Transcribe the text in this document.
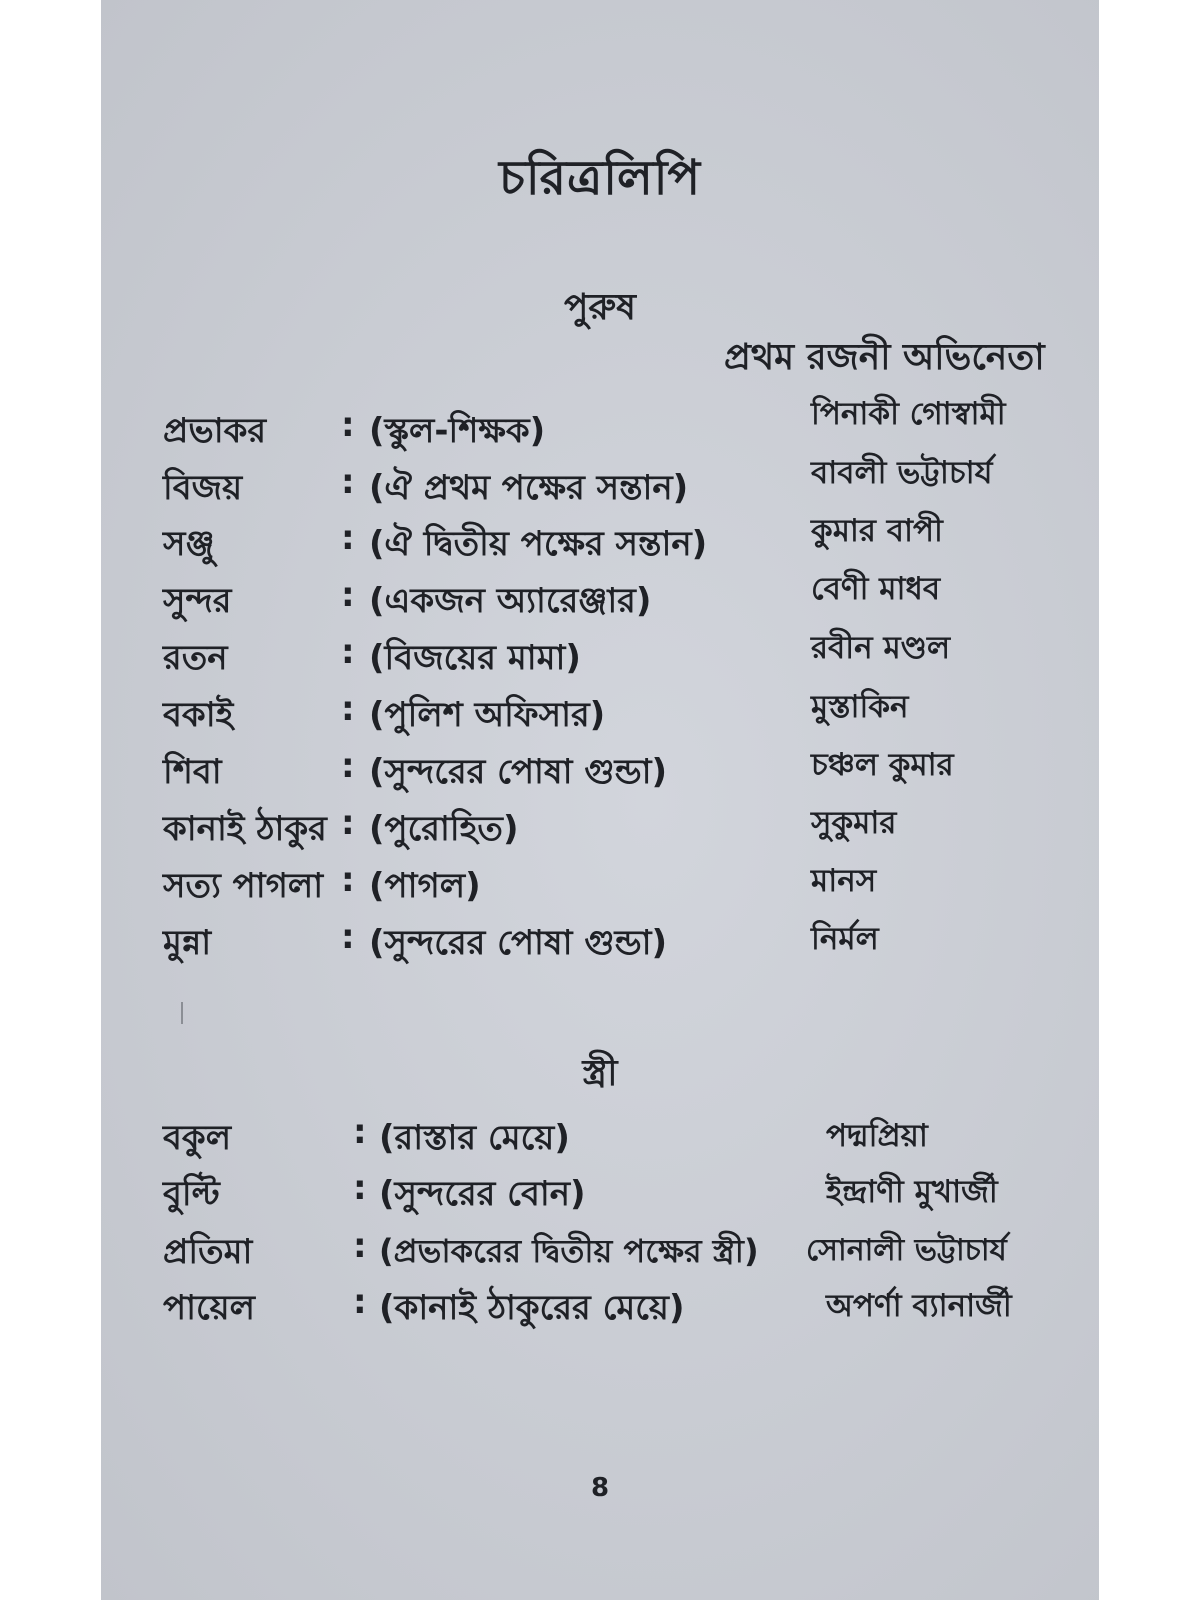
চরিত্রলিপি
পুরুষ
প্রথম রজনী অভিনেতা
প্রভাকর : (স্কুল-শিক্ষক)	পিনাকী গোস্বামী
বিজয়	: (ঐ প্রথম পক্ষের সন্তান)	বাবলী ভট্টাচার্য
সঞ্জু	: (ঐ দ্বিতীয় পক্ষের সন্তান)	কুমার বাপী
সুন্দর	: (একজন অ্যারেঞ্জার)	বেণী মাধব
রতন	: (বিজয়ের মামা)	রবীন মণ্ডল
বকাই	: (পুলিশ অফিসার)	মুস্তাকিন
শিবা	: (সুন্দরের পোষা গুন্ডা)	চঞ্চল কুমার
কানাই ঠাকুর : (পুরোহিত)	সুকুমার
সত্য পাগলা : (পাগল)	মানস
মুন্না	: (সুন্দরের পোষা গুন্ডা)	নির্মল
স্ত্রী
বকুল	: (রাস্তার মেয়ে)	পদ্মপ্রিয়া
বুল্টি	: (সুন্দরের বোন)	ইন্দ্রাণী মুখার্জী
প্রতিমা	: (প্রভাকরের দ্বিতীয় পক্ষের স্ত্রী) সোনালী ভট্টাচার্য
পায়েল	: (কানাই ঠাকুরের মেয়ে)	অপর্ণা ব্যানার্জী
8
